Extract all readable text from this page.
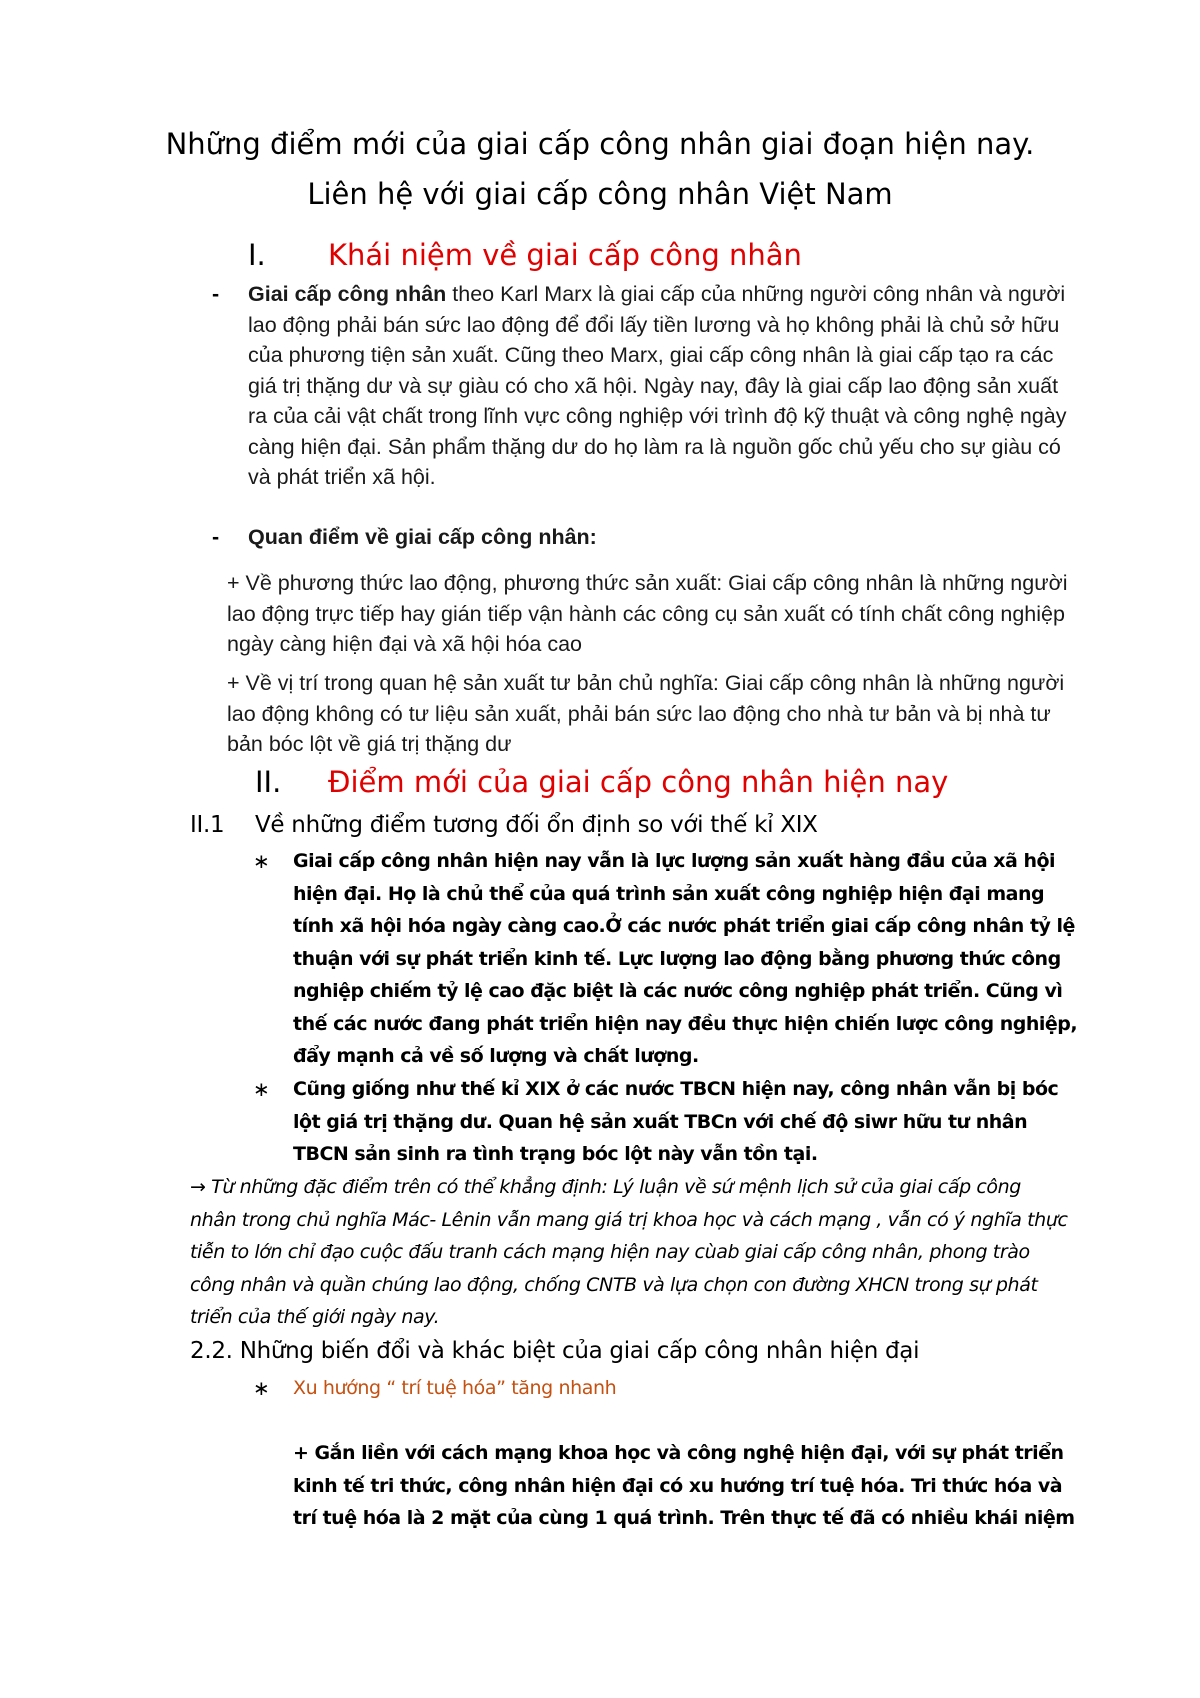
Những điểm mới của giai cấp công nhân giai đoạn hiện nay.
Liên hệ với giai cấp công nhân Việt Nam
I. Khái niệm về giai cấp công nhân
- Giai cấp công nhân theo Karl Marx là giai cấp của những người công nhân và người lao động phải bán sức lao động để đổi lấy tiền lương và họ không phải là chủ sở hữu của phương tiện sản xuất. Cũng theo Marx, giai cấp công nhân là giai cấp tạo ra các giá trị thặng dư và sự giàu có cho xã hội. Ngày nay, đây là giai cấp lao động sản xuất ra của cải vật chất trong lĩnh vực công nghiệp với trình độ kỹ thuật và công nghệ ngày càng hiện đại. Sản phẩm thặng dư do họ làm ra là nguồn gốc chủ yếu cho sự giàu có và phát triển xã hội.

- Quan điểm về giai cấp công nhân:

+ Về phương thức lao động, phương thức sản xuất: Giai cấp công nhân là những người lao động trực tiếp hay gián tiếp vận hành các công cụ sản xuất có tính chất công nghiệp ngày càng hiện đại và xã hội hóa cao

+ Về vị trí trong quan hệ sản xuất tư bản chủ nghĩa: Giai cấp công nhân là những người lao động không có tư liệu sản xuất, phải bán sức lao động cho nhà tư bản và bị nhà tư bản bóc lột về giá trị thặng dư

II. Điểm mới của giai cấp công nhân hiện nay
II.1 Về những điểm tương đối ổn định so với thế kỉ XIX
∗ Giai cấp công nhân hiện nay vẫn là lực lượng sản xuất hàng đầu của xã hội hiện đại. Họ là chủ thể của quá trình sản xuất công nghiệp hiện đại mang tính xã hội hóa ngày càng cao.Ở các nước phát triển giai cấp công nhân tỷ lệ thuận với sự phát triển kinh tế. Lực lượng lao động bằng phương thức công nghiệp chiếm tỷ lệ cao đặc biệt là các nước công nghiệp phát triển. Cũng vì thế các nước đang phát triển hiện nay đều thực hiện chiến lược công nghiệp, đẩy mạnh cả về số lượng và chất lượng.

∗ Cũng giống như thế kỉ XIX ở các nước TBCN hiện nay, công nhân vẫn bị bóc lột giá trị thặng dư. Quan hệ sản xuất TBCn với chế độ siwr hữu tư nhân TBCN sản sinh ra tình trạng bóc lột này vẫn tồn tại.

→ Từ những đặc điểm trên có thể khẳng định: Lý luận về sứ mệnh lịch sử của giai cấp công nhân trong chủ nghĩa Mác- Lênin vẫn mang giá trị khoa học và cách mạng , vẫn có ý nghĩa thực tiễn to lớn chỉ đạo cuộc đấu tranh cách mạng hiện nay cùab giai cấp công nhân, phong trào công nhân và quần chúng lao động, chống CNTB và lựa chọn con đường XHCN trong sự phát triển của thế giới ngày nay.

2.2. Những biến đổi và khác biệt của giai cấp công nhân hiện đại
∗ Xu hướng “ trí tuệ hóa” tăng nhanh

+ Gắn liền với cách mạng khoa học và công nghệ hiện đại, với sự phát triển kinh tế tri thức, công nhân hiện đại có xu hướng trí tuệ hóa. Tri thức hóa và trí tuệ hóa là 2 mặt của cùng 1 quá trình. Trên thực tế đã có nhiều khái niệm
